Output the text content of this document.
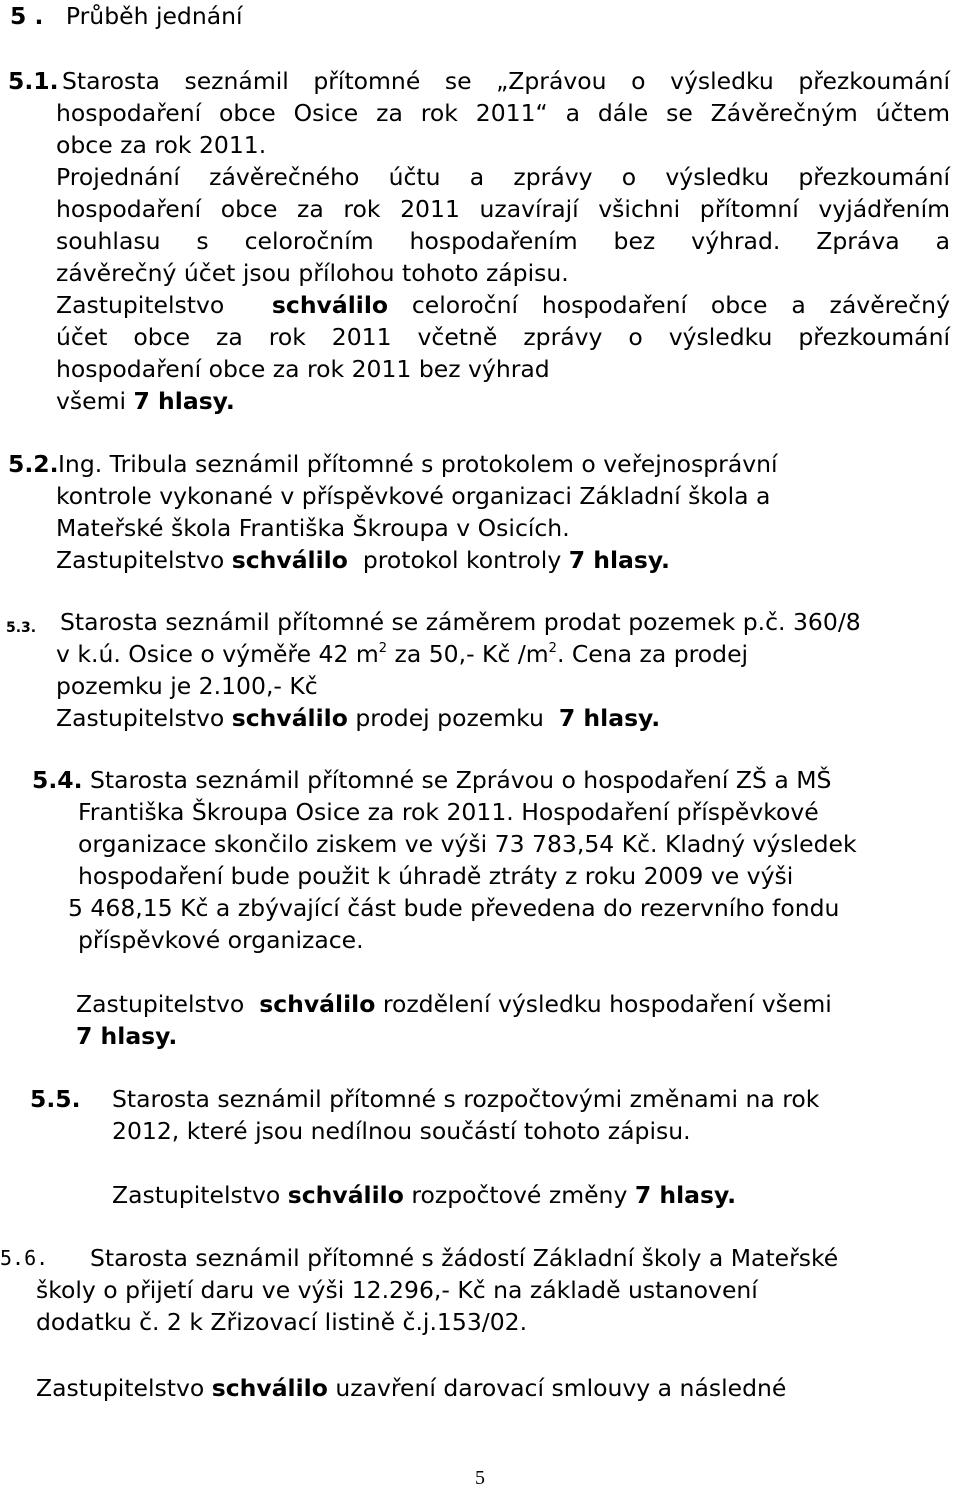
5 . Průběh jednání
5.1. Starosta seznámil přítomné se „Zprávou o výsledku přezkoumání
hospodaření obce Osice za rok 2011“ a dále se Závěrečným účtem
obce za rok 2011.
Projednání závěrečného účtu a zprávy o výsledku přezkoumání
hospodaření obce za rok 2011 uzavírají všichni přítomní vyjádřením
souhlasu s celoročním hospodařením bez výhrad. Zpráva a
závěrečný účet jsou přílohou tohoto zápisu.
Zastupitelstvo schválilo celoroční hospodaření obce a závěrečný
účet obce za rok 2011 včetně zprávy o výsledku přezkoumání
hospodaření obce za rok 2011 bez výhrad
všemi 7 hlasy.
5.2. Ing. Tribula seznámil přítomné s protokolem o veřejnosprávní
kontrole vykonané v příspěvkové organizaci Základní škola a
Mateřské škola Františka Škroupa v Osicích.
Zastupitelstvo schválilo protokol kontroly 7 hlasy.
5.3. Starosta seznámil přítomné se záměrem prodat pozemek p.č. 360/8
v k.ú. Osice o výměře 42 $m^2$ za 50,- Kč $/m^2$. Cena za prodej
pozemku je 2.100,- Kč
Zastupitelstvo schválilo prodej pozemku 7 hlasy.
5.4. Starosta seznámil přítomné se Zprávou o hospodaření ZŠ a MŠ
Františka Škroupa Osice za rok 2011. Hospodaření příspěvkové
organizace skončilo ziskem ve výši 73 783,54 Kč. Kladný výsledek
hospodaření bude použit k úhradě ztráty z roku 2009 ve výši
5 468,15 Kč a zbývající část bude převedena do rezervního fondu
příspěvkové organizace.
Zastupitelstvo schválilo rozdělení výsledku hospodaření všemi
7 hlasy.
5.5. Starosta seznámil přítomné s rozpočtovými změnami na rok
2012, které jsou nedílnou součástí tohoto zápisu.
Zastupitelstvo schválilo rozpočtové změny 7 hlasy.
5.6. Starosta seznámil přítomné s žádostí Základní školy a Mateřské
školy o přijetí daru ve výši 12.296,- Kč na základě ustanovení
dodatku č. 2 k Zřizovací listině č.j.153/02.
Zastupitelstvo schválilo uzavření darovací smlouvy a následné
5
